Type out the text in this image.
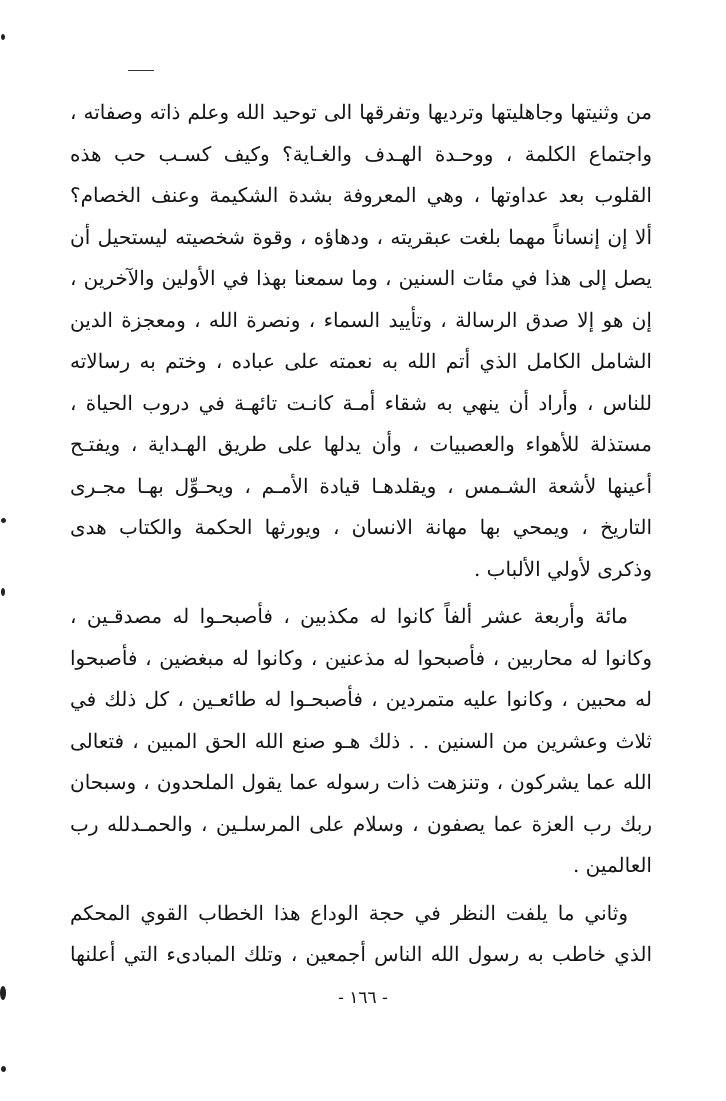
من وثنيتها وجاهليتها وترديها وتفرقها الى توحيد الله وعلم ذاته وصفاته ،
واجتماع الكلمة ، ووحـدة الهـدف والغـاية؟ وكيف كسـب حب هذه
القلوب بعد عداوتها ، وهي المعروفة بشدة الشكيمة وعنف الخصام؟
ألا إن إنساناً مهما بلغت عبقريته ، ودهاؤه ، وقوة شخصيته ليستحيل أن
يصل إلى هذا في مئات السنين ، وما سمعنا بهذا في الأولين والآخرين ،
إن هو إلا صدق الرسالة ، وتأييد السماء ، ونصرة الله ، ومعجزة الدين
الشامل الكامل الذي أتم الله به نعمته على عباده ، وختم به رسالاته
للناس ، وأراد أن ينهي به شقاء أمـة كانـت تائهـة في دروب الحياة ،
مستذلة للأهواء والعصبيات ، وأن يدلها على طريق الهـداية ، ويفتـح
أعينها لأشعة الشـمس ، ويقلدهـا قيادة الأمـم ، ويحـوِّل بهـا مجـرى
التاريخ ، ويمحي بها مهانة الانسان ، ويورثها الحكمة والكتاب هدى
وذكرى لأولي الألباب .
مائة وأربعة عشر ألفاً كانوا له مكذبين ، فأصبحـوا له مصدقـين ،
وكانوا له محاربين ، فأصبحوا له مذعنين ، وكانوا له مبغضين ، فأصبحوا
له محبين ، وكانوا عليه متمردين ، فأصبحـوا له طائعـين ، كل ذلك في
ثلاث وعشرين من السنين . . ذلك هـو صنع الله الحق المبين ، فتعالى
الله عما يشركون ، وتنزهت ذات رسوله عما يقول الملحدون ، وسبحان
ربك رب العزة عما يصفون ، وسلام على المرسلـين ، والحمـدلله رب
العالمين .
وثاني ما يلفت النظر في حجة الوداع هذا الخطاب القوي المحكم
الذي خاطب به رسول الله الناس أجمعين ، وتلك المبادىء التي أعلنها
- ١٦٦ -
